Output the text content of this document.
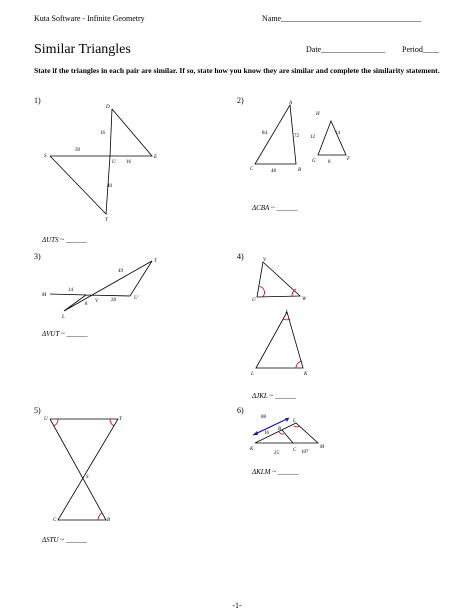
Kuta Software - Infinite Geometry	Name___________________________________
Similar Triangles	Date________________ Period____
State if the triangles in each pair are similar. If so, state how you know they are similar and complete the similarity statement.
1)	2)
3)	4)
5)	6)
ΔUTS ~ ______
ΔCBA ~ ______
ΔVUT ~ ______
ΔJKL ~ ______
ΔSTU ~ ______
ΔKLM ~ ______
D
S
U
E
T
16
39
16
40
A
C	B
H
G	F
84
72
48
12
14
8
M
T
L
V
U
49
14
8
28
V
U	W
J
L	K
U	T
S
C	B
L
B
K	C
M
88
16
25	107
-1-
